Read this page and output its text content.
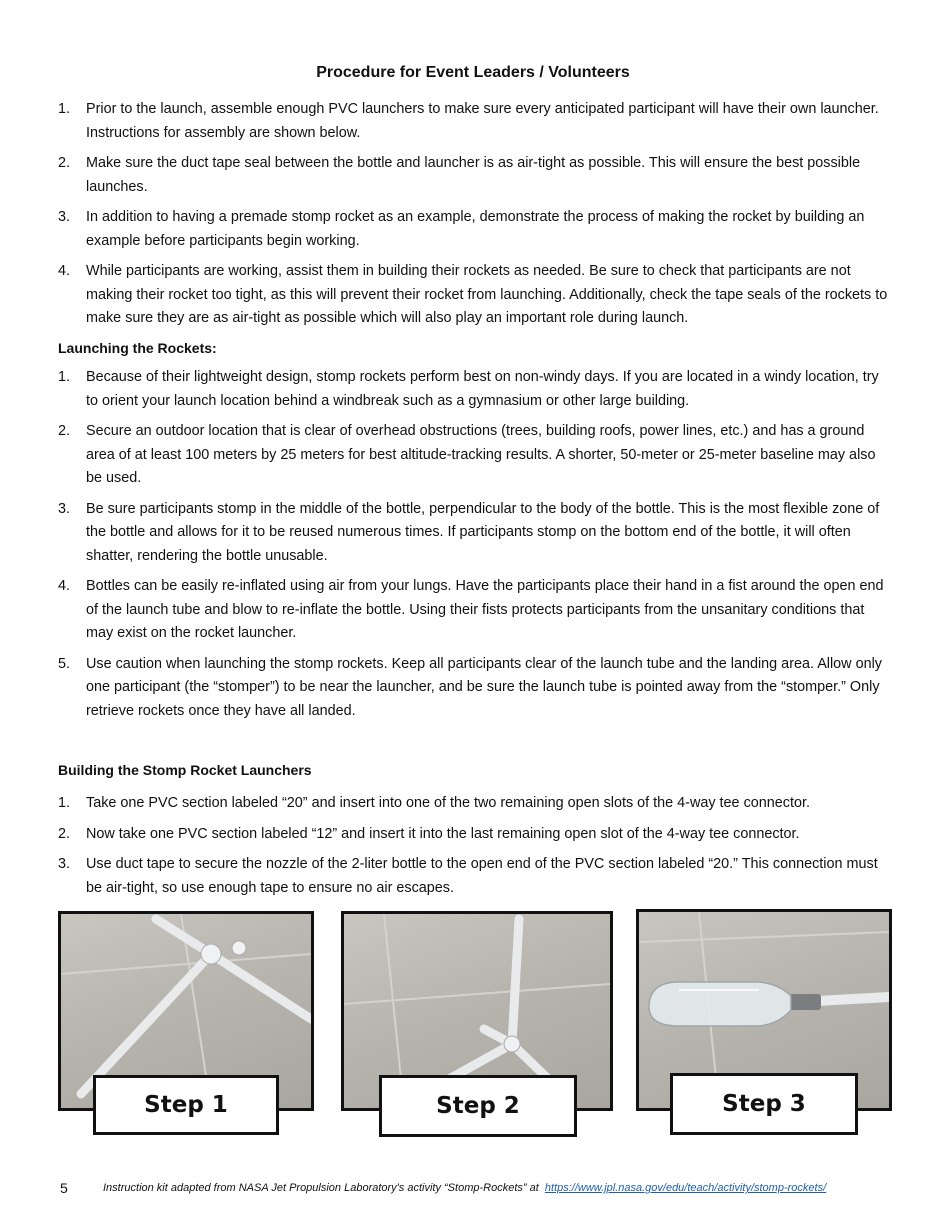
Procedure for Event Leaders / Volunteers
1. Prior to the launch, assemble enough PVC launchers to make sure every anticipated participant will have their own launcher. Instructions for assembly are shown below.
2. Make sure the duct tape seal between the bottle and launcher is as air-tight as possible. This will ensure the best possible launches.
3. In addition to having a premade stomp rocket as an example, demonstrate the process of making the rocket by building an example before participants begin working.
4. While participants are working, assist them in building their rockets as needed. Be sure to check that participants are not making their rocket too tight, as this will prevent their rocket from launching. Additionally, check the tape seals of the rockets to make sure they are as air-tight as possible which will also play an important role during launch.
Launching the Rockets:
1. Because of their lightweight design, stomp rockets perform best on non-windy days. If you are located in a windy location, try to orient your launch location behind a windbreak such as a gymnasium or other large building.
2. Secure an outdoor location that is clear of overhead obstructions (trees, building roofs, power lines, etc.) and has a ground area of at least 100 meters by 25 meters for best altitude-tracking results. A shorter, 50-meter or 25-meter baseline may also be used.
3. Be sure participants stomp in the middle of the bottle, perpendicular to the body of the bottle. This is the most flexible zone of the bottle and allows for it to be reused numerous times. If participants stomp on the bottom end of the bottle, it will often shatter, rendering the bottle unusable.
4. Bottles can be easily re-inflated using air from your lungs. Have the participants place their hand in a fist around the open end of the launch tube and blow to re-inflate the bottle. Using their fists protects participants from the unsanitary conditions that may exist on the rocket launcher.
5. Use caution when launching the stomp rockets. Keep all participants clear of the launch tube and the landing area. Allow only one participant (the “stomper”) to be near the launcher, and be sure the launch tube is pointed away from the “stomper.” Only retrieve rockets once they have all landed.
Building the Stomp Rocket Launchers
1. Take one PVC section labeled “20” and insert into one of the two remaining open slots of the 4-way tee connector.
2. Now take one PVC section labeled “12” and insert it into the last remaining open slot of the 4-way tee connector.
3. Use duct tape to secure the nozzle of the 2-liter bottle to the open end of the PVC section labeled “20.” This connection must be air-tight, so use enough tape to ensure no air escapes.
Step 1	Step 2	Step 3
5	Instruction kit adapted from NASA Jet Propulsion Laboratory's activity “Stomp-Rockets” at https://www.jpl.nasa.gov/edu/teach/activity/stomp-rockets/
